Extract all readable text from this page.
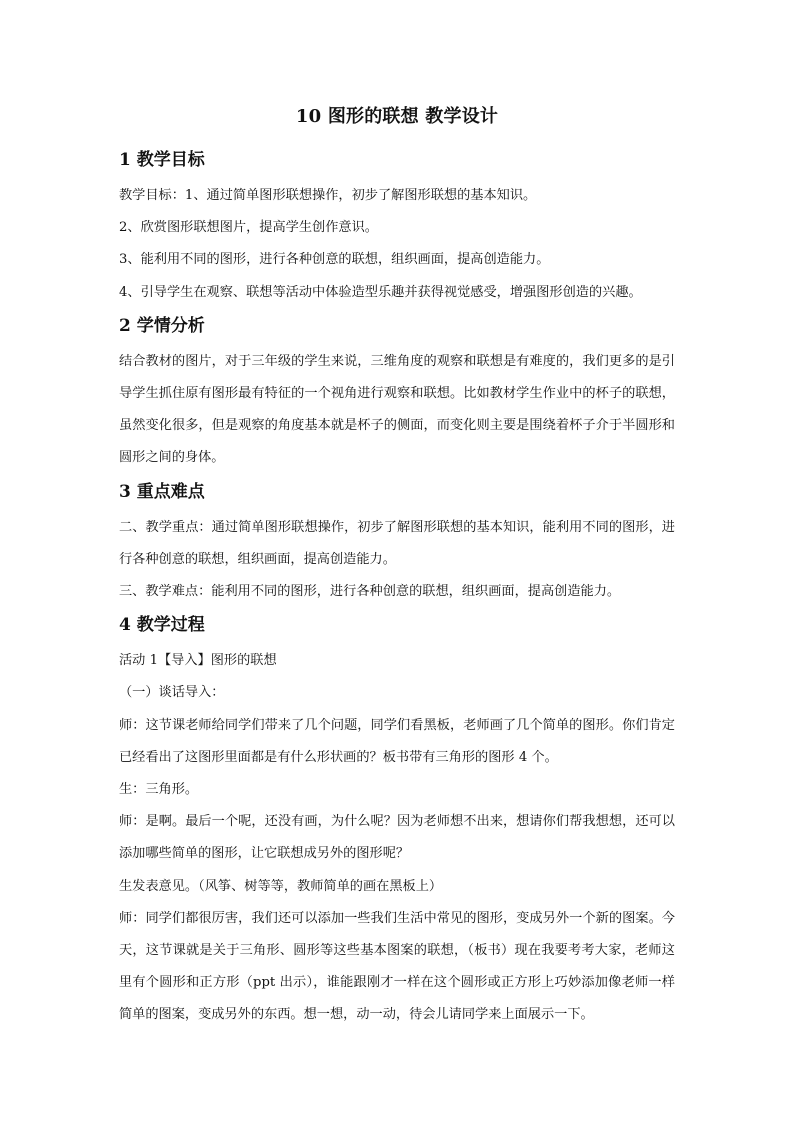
10 图形的联想 教学设计
1 教学目标

教学目标：1、通过简单图形联想操作，初步了解图形联想的基本知识。

2、欣赏图形联想图片，提高学生创作意识。

3、能利用不同的图形，进行各种创意的联想，组织画面，提高创造能力。

4、引导学生在观察、联想等活动中体验造型乐趣并获得视觉感受，增强图形创造的兴趣。

2 学情分析

结合教材的图片，对于三年级的学生来说，三维角度的观察和联想是有难度的，我们更多的是引导学生抓住原有图形最有特征的一个视角进行观察和联想。比如教材学生作业中的杯子的联想，虽然变化很多，但是观察的角度基本就是杯子的侧面，而变化则主要是围绕着杯子介于半圆形和圆形之间的身体。

3 重点难点

二、教学重点：通过简单图形联想操作，初步了解图形联想的基本知识，能利用不同的图形，进行各种创意的联想，组织画面，提高创造能力。

三、教学难点：能利用不同的图形，进行各种创意的联想，组织画面，提高创造能力。

4 教学过程

活动 1【导入】图形的联想

（一）谈话导入：

师：这节课老师给同学们带来了几个问题，同学们看黑板，老师画了几个简单的图形。你们肯定已经看出了这图形里面都是有什么形状画的？板书带有三角形的图形 4 个。

生：三角形。

师：是啊。最后一个呢，还没有画，为什么呢？因为老师想不出来，想请你们帮我想想，还可以添加哪些简单的图形，让它联想成另外的图形呢？

生发表意见。（风筝、树等等，教师简单的画在黑板上）

师：同学们都很厉害，我们还可以添加一些我们生活中常见的图形，变成另外一个新的图案。今天，这节课就是关于三角形、圆形等这些基本图案的联想，（板书）现在我要考考大家，老师这里有个圆形和正方形（ppt 出示），谁能跟刚才一样在这个圆形或正方形上巧妙添加像老师一样简单的图案，变成另外的东西。想一想，动一动，待会儿请同学来上面展示一下。
